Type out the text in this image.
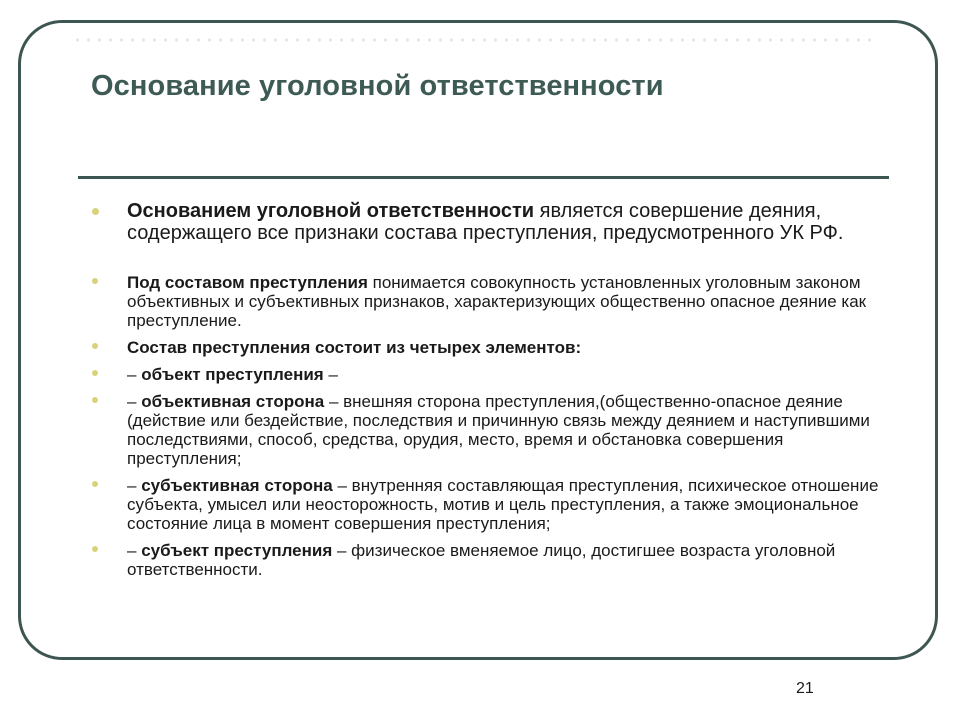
Основание уголовной ответственности

Основанием уголовной ответственности является совершение деяния, содержащего все признаки состава преступления, предусмотренного УК РФ.

Под составом преступления понимается совокупность установленных уголовным законом объективных и субъективных признаков, характеризующих общественно опасное деяние как преступление.

Состав преступления состоит из четырех элементов:

– объект преступления –

– объективная сторона – внешняя сторона преступления,(общественно-опасное деяние (действие или бездействие, последствия и причинную связь между деянием и наступившими последствиями, способ, средства, орудия, место, время и обстановка совершения преступления;

– субъективная сторона – внутренняя составляющая преступления, психическое отношение субъекта, умысел или неосторожность, мотив и цель преступления, а также эмоциональное состояние лица в момент совершения преступления;

– субъект преступления – физическое вменяемое лицо, достигшее возраста уголовной ответственности.

21
